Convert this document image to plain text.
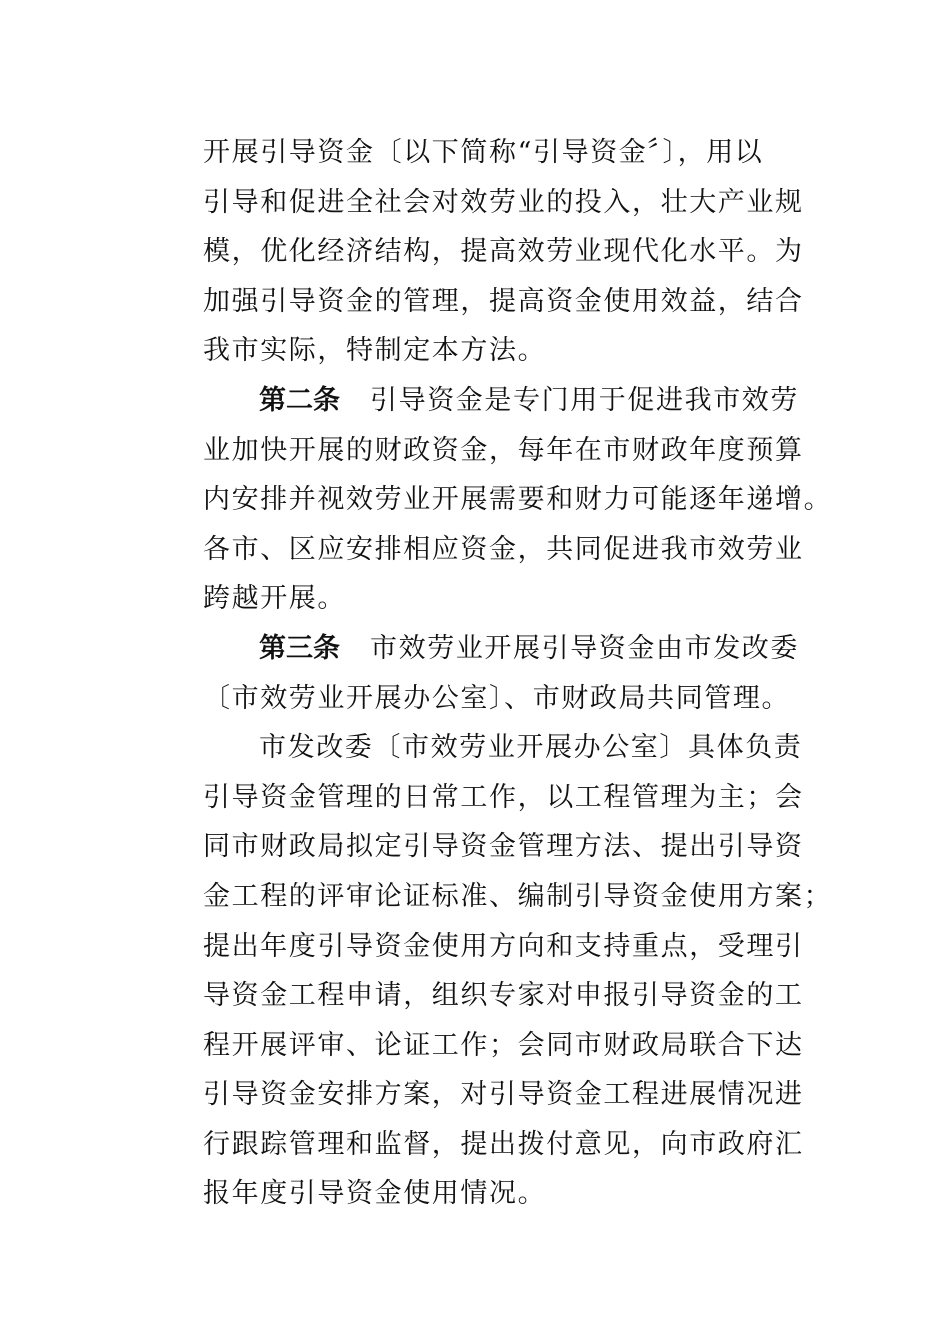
开展引导资金〔以下简称“引导资金〞〕，用以
引导和促进全社会对效劳业的投入，壮大产业规
模，优化经济结构，提高效劳业现代化水平。为
加强引导资金的管理，提高资金使用效益，结合
我市实际，特制定本方法。
第二条 引导资金是专门用于促进我市效劳
业加快开展的财政资金，每年在市财政年度预算
内安排并视效劳业开展需要和财力可能逐年递增。
各市、区应安排相应资金，共同促进我市效劳业
跨越开展。
第三条 市效劳业开展引导资金由市发改委
〔市效劳业开展办公室〕、市财政局共同管理。
市发改委〔市效劳业开展办公室〕具体负责
引导资金管理的日常工作，以工程管理为主；会
同市财政局拟定引导资金管理方法、提出引导资
金工程的评审论证标准、编制引导资金使用方案；
提出年度引导资金使用方向和支持重点，受理引
导资金工程申请，组织专家对申报引导资金的工
程开展评审、论证工作；会同市财政局联合下达
引导资金安排方案，对引导资金工程进展情况进
行跟踪管理和监督，提出拨付意见，向市政府汇
报年度引导资金使用情况。
